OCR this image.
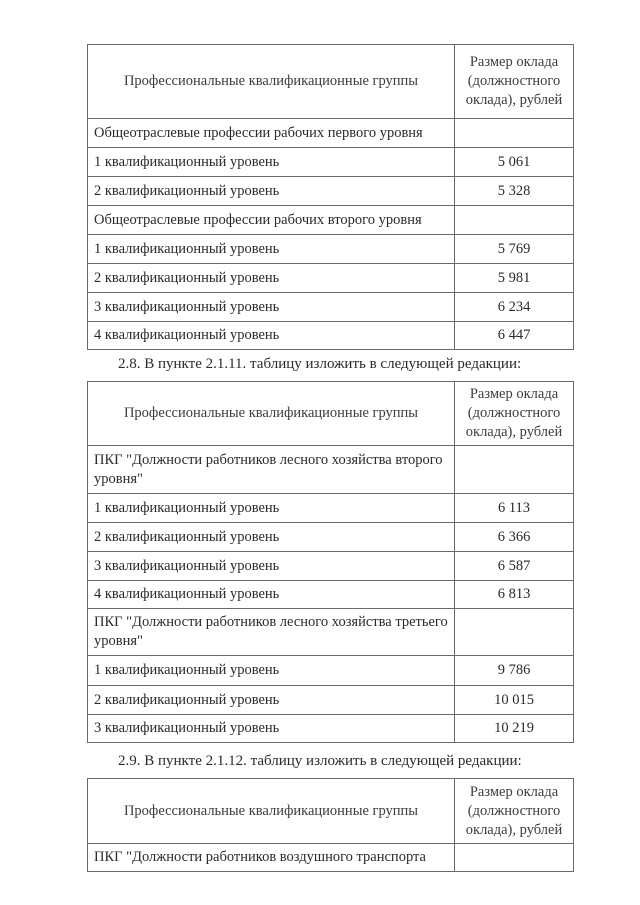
Профессиональные квалификационные группы	Размер оклада (должностного оклада), рублей
Общеотраслевые профессии рабочих первого уровня	
1 квалификационный уровень	5 061
2 квалификационный уровень	5 328
Общеотраслевые профессии рабочих второго уровня	
1 квалификационный уровень	5 769
2 квалификационный уровень	5 981
3 квалификационный уровень	6 234
4 квалификационный уровень	6 447
2.8. В пункте 2.1.11. таблицу изложить в следующей редакции:
Профессиональные квалификационные группы	Размер оклада (должностного оклада), рублей
ПКГ "Должности работников лесного хозяйства второго уровня"	
1 квалификационный уровень	6 113
2 квалификационный уровень	6 366
3 квалификационный уровень	6 587
4 квалификационный уровень	6 813
ПКГ "Должности работников лесного хозяйства третьего уровня"	
1 квалификационный уровень	9 786
2 квалификационный уровень	10 015
3 квалификационный уровень	10 219
2.9. В пункте 2.1.12. таблицу изложить в следующей редакции:
Профессиональные квалификационные группы	Размер оклада (должностного оклада), рублей
ПКГ "Должности работников воздушного транспорта	
